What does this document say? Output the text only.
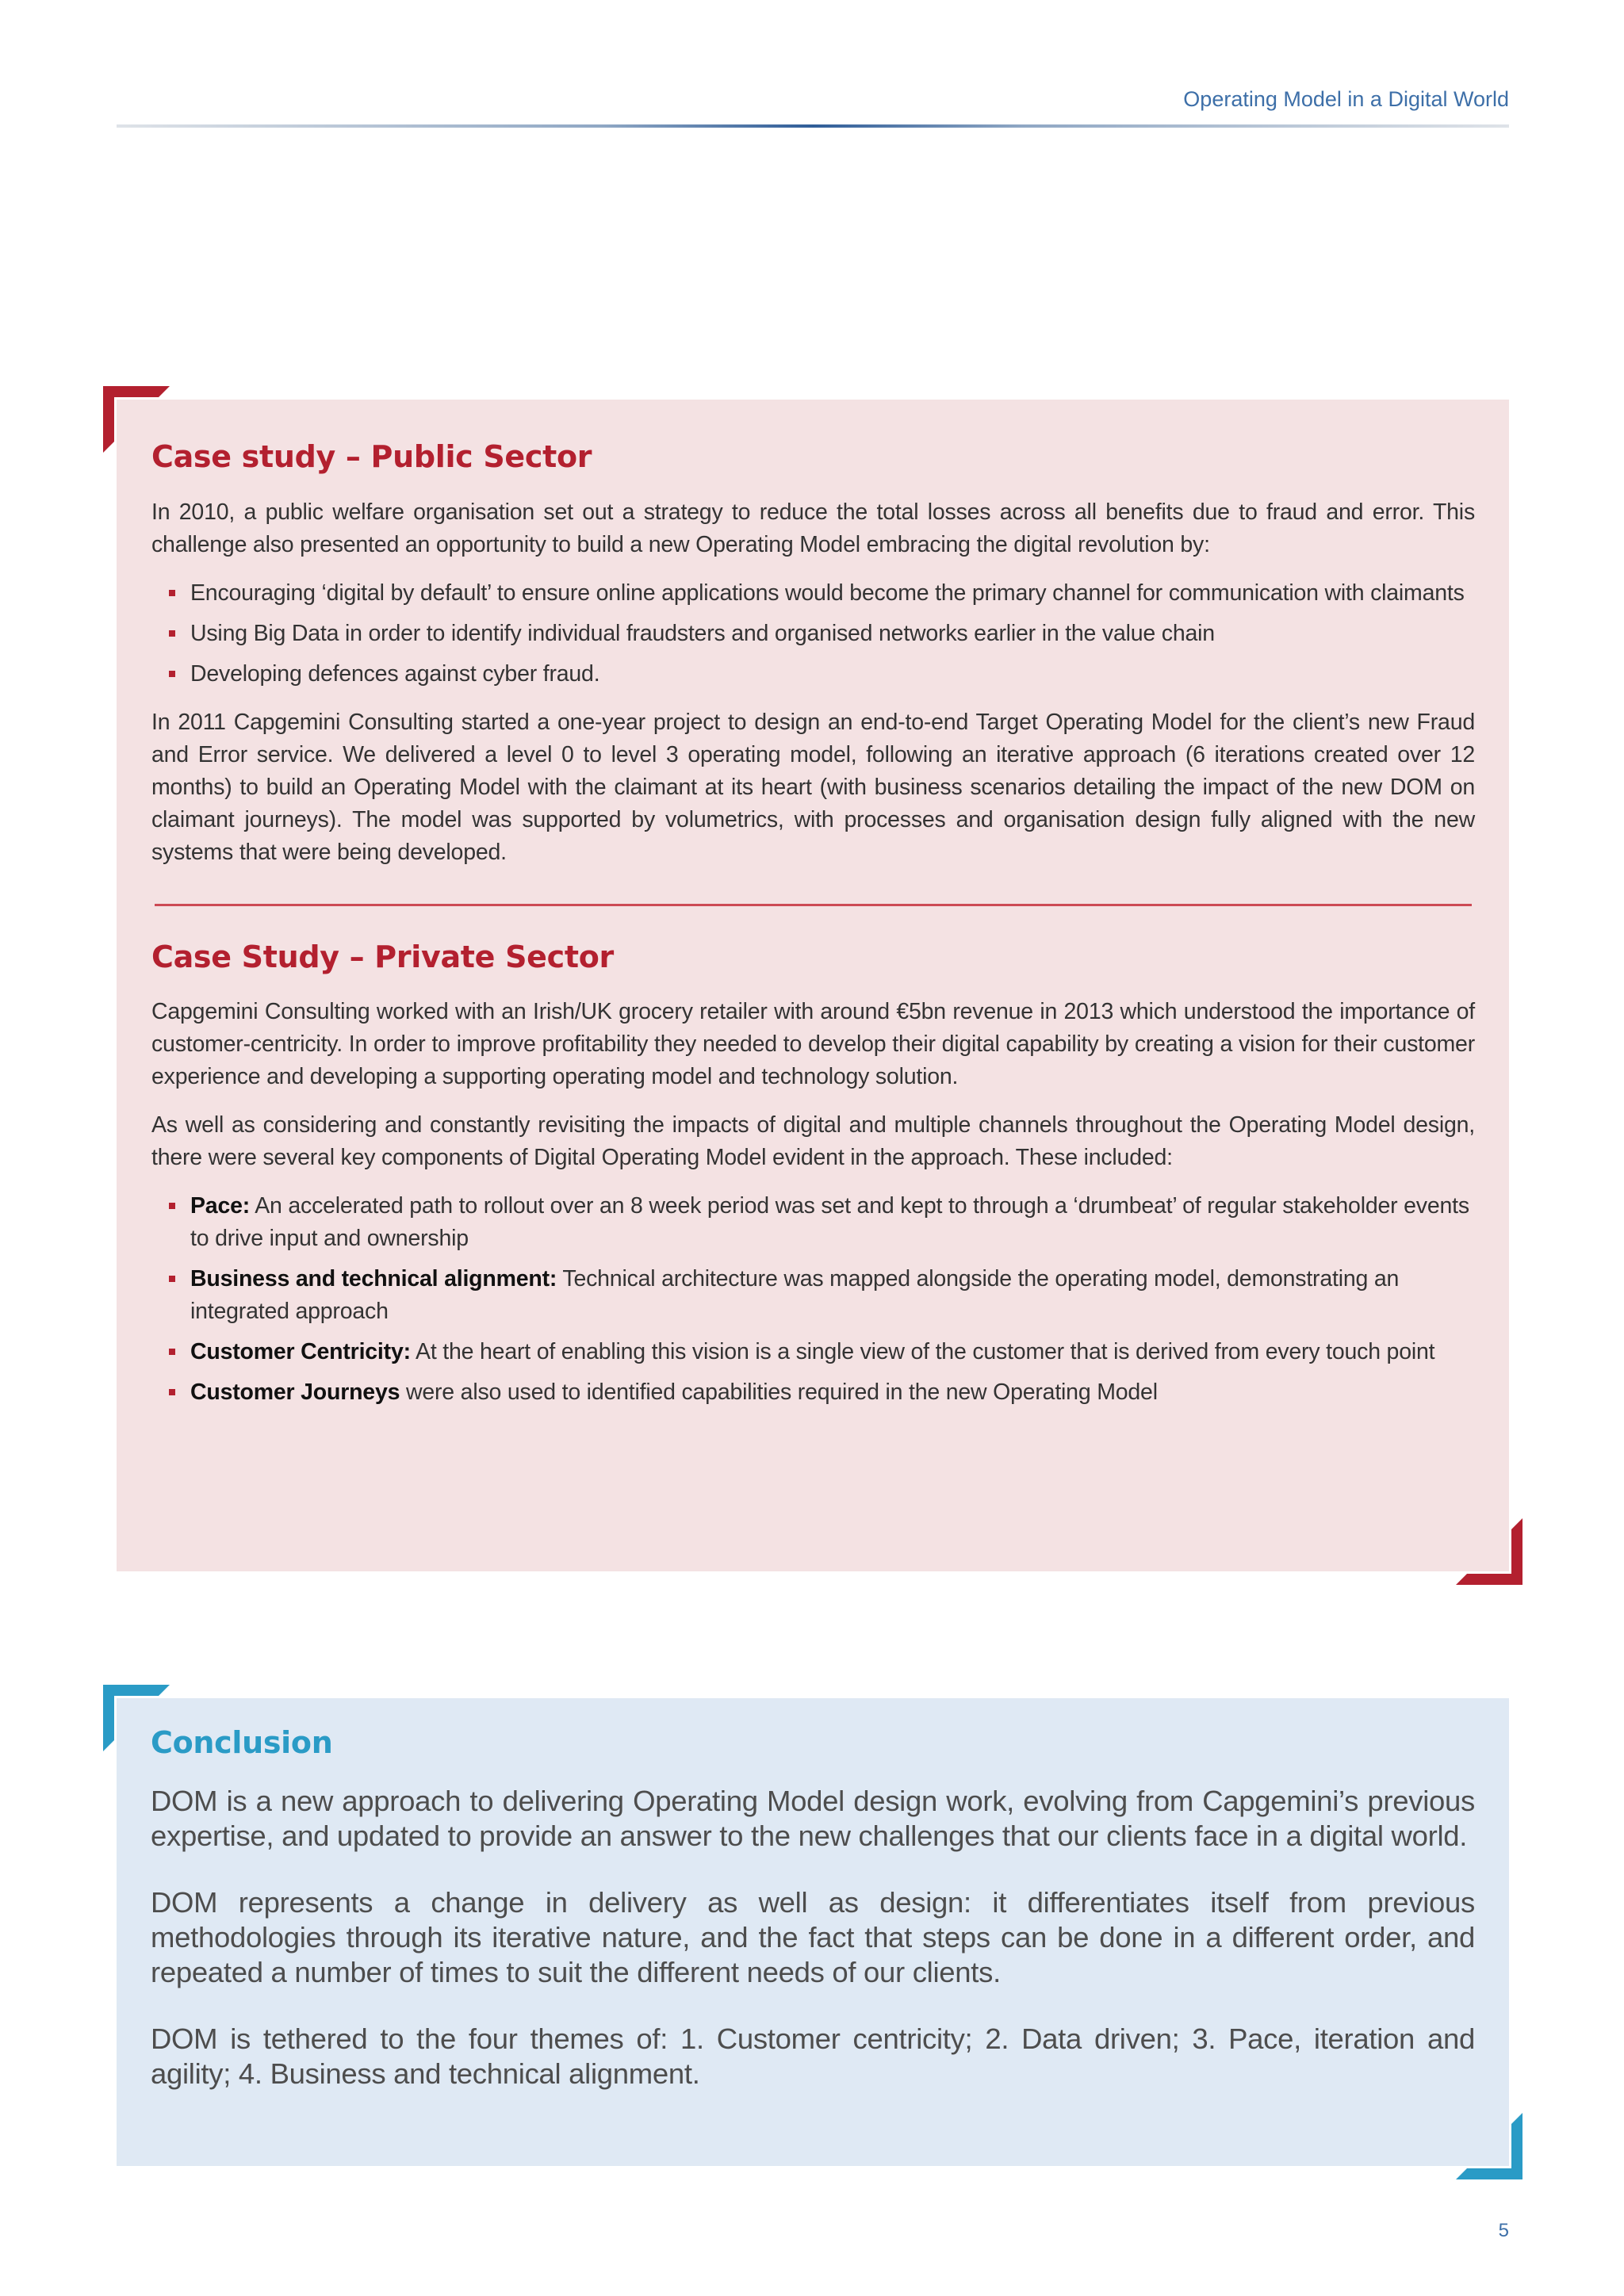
Operating Model in a Digital World
Case study – Public Sector

In 2010, a public welfare organisation set out a strategy to reduce the total losses across all benefits due to fraud and error. This challenge also presented an opportunity to build a new Operating Model embracing the digital revolution by:

Encouraging ‘digital by default’ to ensure online applications would become the primary channel for communication with claimants
Using Big Data in order to identify individual fraudsters and organised networks earlier in the value chain
Developing defences against cyber fraud.

In 2011 Capgemini Consulting started a one-year project to design an end-to-end Target Operating Model for the client’s new Fraud and Error service. We delivered a level 0 to level 3 operating model, following an iterative approach (6 iterations created over 12 months) to build an Operating Model with the claimant at its heart (with business scenarios detailing the impact of the new DOM on claimant journeys). The model was supported by volumetrics, with processes and organisation design fully aligned with the new systems that were being developed.

Case Study – Private Sector

Capgemini Consulting worked with an Irish/UK grocery retailer with around €5bn revenue in 2013 which understood the importance of customer-centricity. In order to improve profitability they needed to develop their digital capability by creating a vision for their customer experience and developing a supporting operating model and technology solution.

As well as considering and constantly revisiting the impacts of digital and multiple channels throughout the Operating Model design, there were several key components of Digital Operating Model evident in the approach. These included:

Pace: An accelerated path to rollout over an 8 week period was set and kept to through a ‘drumbeat’ of regular stakeholder events to drive input and ownership
Business and technical alignment: Technical architecture was mapped alongside the operating model, demonstrating an integrated approach
Customer Centricity: At the heart of enabling this vision is a single view of the customer that is derived from every touch point
Customer Journeys were also used to identified capabilities required in the new Operating Model
Conclusion

DOM is a new approach to delivering Operating Model design work, evolving from Capgemini’s previous expertise, and updated to provide an answer to the new challenges that our clients face in a digital world.

DOM represents a change in delivery as well as design: it differentiates itself from previous methodologies through its iterative nature, and the fact that steps can be done in a different order, and repeated a number of times to suit the different needs of our clients.

DOM is tethered to the four themes of: 1. Customer centricity; 2. Data driven; 3. Pace, iteration and agility; 4. Business and technical alignment.

5
